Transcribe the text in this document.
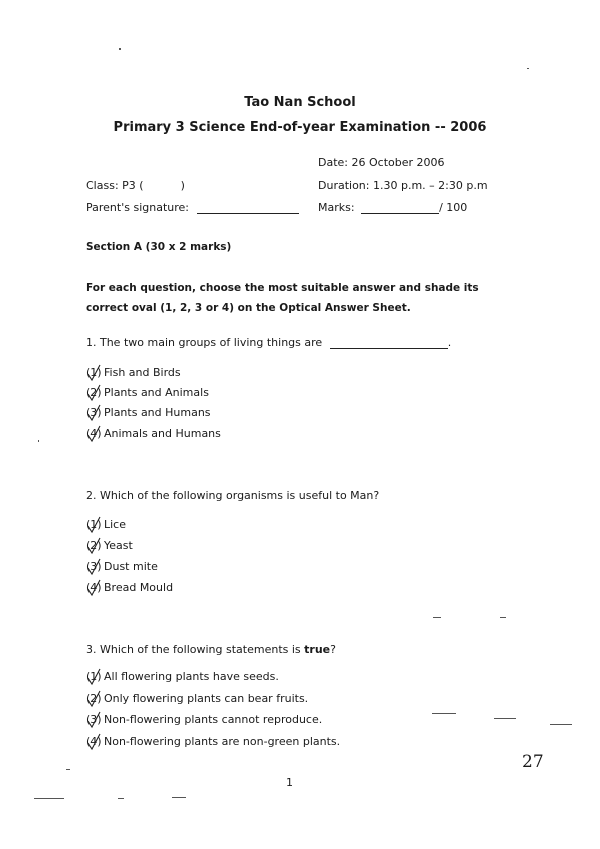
Tao Nan School
Primary 3 Science End-of-year Examination -- 2006
Date: 26 October 2006
Class: P3 (	)	Duration: 1.30 p.m. – 2:30 p.m
Parent's signature:	Marks:	/ 100
Section A (30 x 2 marks)
For each question, choose the most suitable answer and shade its
correct oval (1, 2, 3 or 4) on the Optical Answer Sheet.
1. The two main groups of living things are	.
(1) Fish and Birds
(2) Plants and Animals
(3) Plants and Humans
(4) Animals and Humans
2. Which of the following organisms is useful to Man?
(1) Lice
(2) Yeast
(3) Dust mite
(4) Bread Mould
3. Which of the following statements is true?
(1) All flowering plants have seeds.
(2) Only flowering plants can bear fruits.
(3) Non-flowering plants cannot reproduce.
(4) Non-flowering plants are non-green plants.
27
1
